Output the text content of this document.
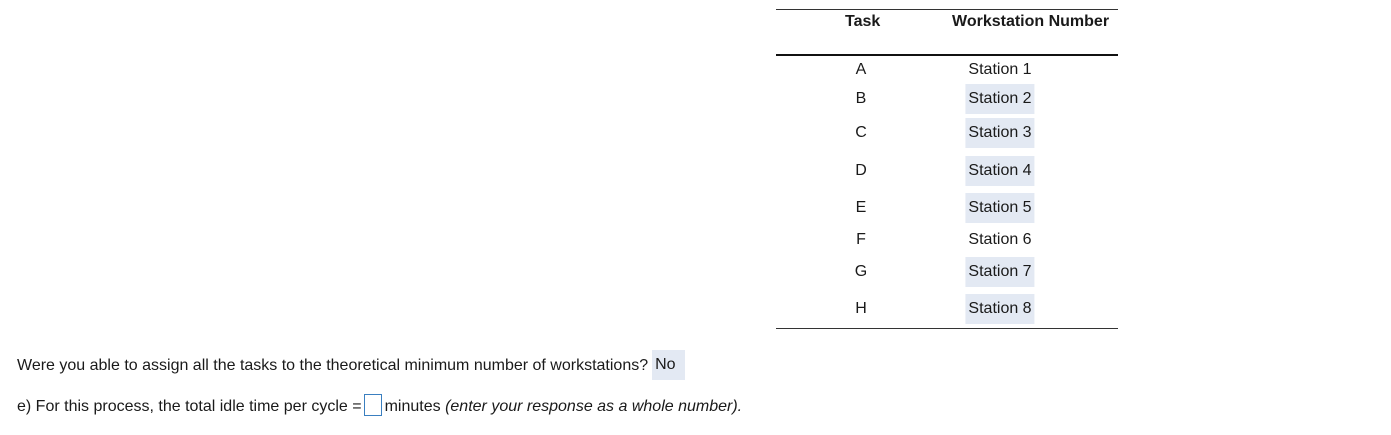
Task	Workstation Number
A	Station 1
B	Station 2
C	Station 3
D	Station 4
E	Station 5
F	Station 6
G	Station 7
H	Station 8
Were you able to assign all the tasks to the theoretical minimum number of workstations? No
e) For this process, the total idle time per cycle = minutes (enter your response as a whole number).
